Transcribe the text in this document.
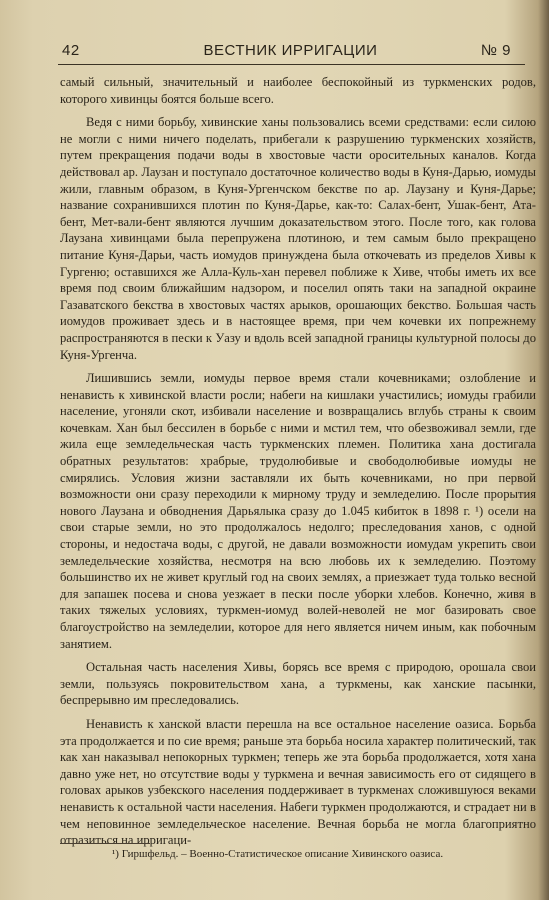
42	ВЕСТНИК ИРРИГАЦИИ	№ 9

самый сильный, значительный и наиболее беспокойный из туркменских родов, которого хивинцы боятся больше всего.

Ведя с ними борьбу, хивинские ханы пользовались всеми средствами: если силою не могли с ними ничего поделать, прибегали к разрушению туркменских хозяйств, путем прекращения подачи воды в хвостовые части оросительных каналов. Когда действовал ар. Лаузан и поступало достаточное количество воды в Куня-Дарью, иомуды жили, главным образом, в Куня-Ургенчском бекстве по ар. Лаузану и Куня-Дарье; название сохранившихся плотин по Куня-Дарье, как-то: Салах-бент, Ушак-бент, Ата-бент, Мет-вали-бент являются лучшим доказательством этого. После того, как голова Лаузана хивинцами была перепружена плотиною, и тем самым было прекращено питание Куня-Дарьи, часть иомудов принуждена была откочевать из пределов Хивы к Гургеню; оставшихся же Алла-Куль-хан перевел поближе к Хиве, чтобы иметь их все время под своим ближайшим надзором, и поселил опять таки на западной окраине Газаватского бекства в хвостовых частях арыков, орошающих бекство. Большая часть иомудов проживает здесь и в настоящее время, при чем кочевки их попрежнему распространяются в пески к Уазу и вдоль всей западной границы культурной полосы до Куня-Ургенча.

Лишившись земли, иомуды первое время стали кочевниками; озлобление и ненависть к хивинской власти росли; набеги на кишлаки участились; иомуды грабили население, угоняли скот, избивали население и возвращались вглубь страны к своим кочевкам. Хан был бессилен в борьбе с ними и мстил тем, что обезвоживал земли, где жила еще земледельческая часть туркменских племен. Политика хана достигала обратных результатов: храбрые, трудолюбивые и свободолюбивые иомуды не смирялись. Условия жизни заставляли их быть кочевниками, но при первой возможности они сразу переходили к мирному труду и земледелию. После прорытия нового Лаузана и обводнения Дарьялыка сразу до 1.045 кибиток в 1898 г. ¹) осели на свои старые земли, но это продолжалось недолго; преследования ханов, с одной стороны, и недостача воды, с другой, не давали возможности иомудам укрепить свои земледельческие хозяйства, несмотря на всю любовь их к земледелию. Поэтому большинство их не живет круглый год на своих землях, а приезжает туда только весной для запашек посева и снова уезжает в пески после уборки хлебов. Конечно, живя в таких тяжелых условиях, туркмен-иомуд волей-неволей не мог базировать свое благоустройство на земледелии, которое для него является ничем иным, как побочным занятием.

Остальная часть населения Хивы, борясь все время с природою, орошала свои земли, пользуясь покровительством хана, а туркмены, как ханские пасынки, беспрерывно им преследовались.

Ненависть к ханской власти перешла на все остальное население оазиса. Борьба эта продолжается и по сие время; раньше эта борьба носила характер политический, так как хан наказывал непокорных туркмен; теперь же эта борьба продолжается, хотя хана давно уже нет, но отсутствие воды у туркмена и вечная зависимость его от сидящего в головах арыков узбекского населения поддерживает в туркменах сложившуюся веками ненависть к остальной части населения. Набеги туркмен продолжаются, и страдает ни в чем неповинное земледельческое население. Вечная борьба не могла благоприятно отразиться на ирригаци-

¹) Гиршфельд. – Военно-Статистическое описание Хивинского оазиса.
